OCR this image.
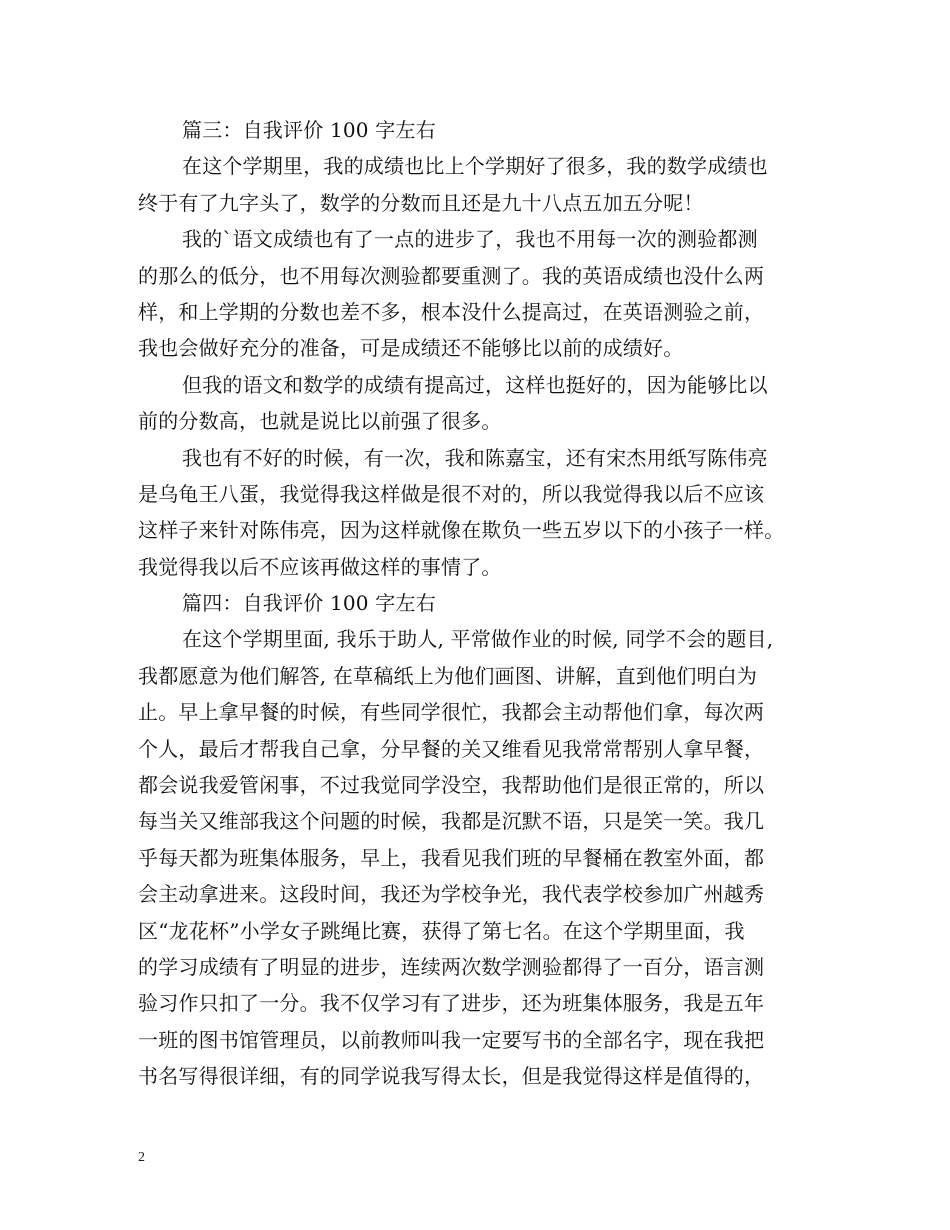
篇三：自我评价 100 字左右
在这个学期里，我的成绩也比上个学期好了很多，我的数学成绩也
终于有了九字头了，数学的分数而且还是九十八点五加五分呢！
我的`语文成绩也有了一点的进步了，我也不用每一次的测验都测
的那么的低分，也不用每次测验都要重测了。我的英语成绩也没什么两
样，和上学期的分数也差不多，根本没什么提高过，在英语测验之前，
我也会做好充分的准备，可是成绩还不能够比以前的成绩好。
但我的语文和数学的成绩有提高过，这样也挺好的，因为能够比以
前的分数高，也就是说比以前强了很多。
我也有不好的时候，有一次，我和陈嘉宝，还有宋杰用纸写陈伟亮
是乌龟王八蛋，我觉得我这样做是很不对的，所以我觉得我以后不应该
这样子来针对陈伟亮，因为这样就像在欺负一些五岁以下的小孩子一样。
我觉得我以后不应该再做这样的事情了。
篇四：自我评价 100 字左右
在这个学期里面, 我乐于助人, 平常做作业的时候, 同学不会的题目,
我都愿意为他们解答, 在草稿纸上为他们画图、讲解，直到他们明白为
止。早上拿早餐的时候，有些同学很忙，我都会主动帮他们拿，每次两
个人，最后才帮我自己拿，分早餐的关又维看见我常常帮别人拿早餐，
都会说我爱管闲事，不过我觉同学没空，我帮助他们是很正常的，所以
每当关又维部我这个问题的时候，我都是沉默不语，只是笑一笑。我几
乎每天都为班集体服务，早上，我看见我们班的早餐桶在教室外面，都
会主动拿进来。这段时间，我还为学校争光，我代表学校参加广州越秀
区“龙花杯”小学女子跳绳比赛，获得了第七名。在这个学期里面，我
的学习成绩有了明显的进步，连续两次数学测验都得了一百分，语言测
验习作只扣了一分。我不仅学习有了进步，还为班集体服务，我是五年
一班的图书馆管理员，以前教师叫我一定要写书的全部名字，现在我把
书名写得很详细，有的同学说我写得太长，但是我觉得这样是值得的，
2
